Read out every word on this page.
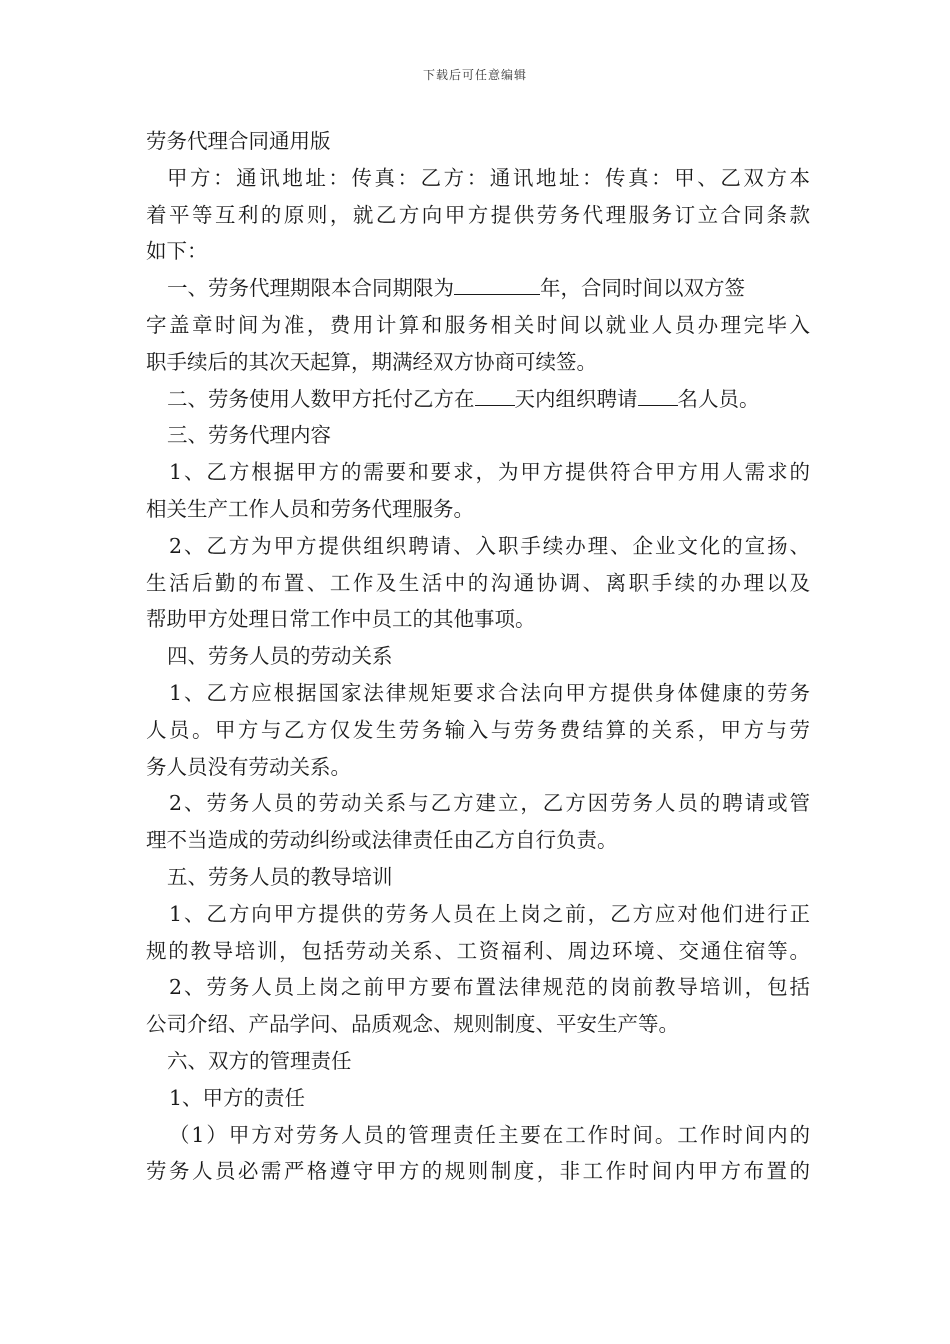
下载后可任意编辑
劳务代理合同通用版
甲方：通讯地址：传真：乙方：通讯地址：传真：甲、乙双方本
着平等互利的原则，就乙方向甲方提供劳务代理服务订立合同条款
如下：
一、劳务代理期限本合同期限为	年，合同时间以双方签
字盖章时间为准，费用计算和服务相关时间以就业人员办理完毕入
职手续后的其次天起算，期满经双方协商可续签。
二、劳务使用人数甲方托付乙方在 天内组织聘请 名人员。
三、劳务代理内容
1、乙方根据甲方的需要和要求，为甲方提供符合甲方用人需求的
相关生产工作人员和劳务代理服务。
2、乙方为甲方提供组织聘请、入职手续办理、企业文化的宣扬、
生活后勤的布置、工作及生活中的沟通协调、离职手续的办理以及
帮助甲方处理日常工作中员工的其他事项。
四、劳务人员的劳动关系
1、乙方应根据国家法律规矩要求合法向甲方提供身体健康的劳务
人员。甲方与乙方仅发生劳务输入与劳务费结算的关系，甲方与劳
务人员没有劳动关系。
2、劳务人员的劳动关系与乙方建立，乙方因劳务人员的聘请或管
理不当造成的劳动纠纷或法律责任由乙方自行负责。
五、劳务人员的教导培训
1、乙方向甲方提供的劳务人员在上岗之前，乙方应对他们进行正
规的教导培训，包括劳动关系、工资福利、周边环境、交通住宿等。
2、劳务人员上岗之前甲方要布置法律规范的岗前教导培训，包括
公司介绍、产品学问、品质观念、规则制度、平安生产等。
六、双方的管理责任
1、甲方的责任
（1）甲方对劳务人员的管理责任主要在工作时间。工作时间内的
劳务人员必需严格遵守甲方的规则制度，非工作时间内甲方布置的
